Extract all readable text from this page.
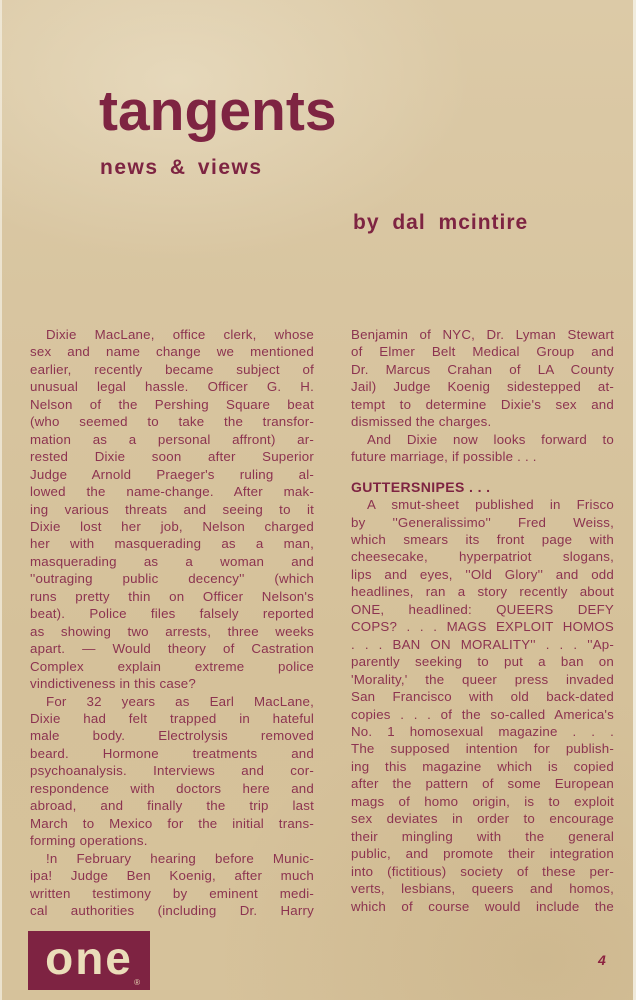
tangents
news & views
by dal mcintire
Dixie MacLane, office clerk, whose
sex and name change we mentioned
earlier, recently became subject of
unusual legal hassle. Officer G. H.
Nelson of the Pershing Square beat
(who seemed to take the transfor-
mation as a personal affront) ar-
rested Dixie soon after Superior
Judge Arnold Praeger's ruling al-
lowed the name-change. After mak-
ing various threats and seeing to it
Dixie lost her job, Nelson charged
her with masquerading as a man,
masquerading as a woman and
''outraging public decency'' (which
runs pretty thin on Officer Nelson's
beat). Police files falsely reported
as showing two arrests, three weeks
apart. — Would theory of Castration
Complex explain extreme police
vindictiveness in this case?
For 32 years as Earl MacLane,
Dixie had felt trapped in hateful
male body. Electrolysis removed
beard. Hormone treatments and
psychoanalysis. Interviews and cor-
respondence with doctors here and
abroad, and finally the trip last
March to Mexico for the initial trans-
forming operations.
!n February hearing before Munic-
ipa! Judge Ben Koenig, after much
written testimony by eminent medi-
cal authorities (including Dr. Harry
Benjamin of NYC, Dr. Lyman Stewart
of Elmer Belt Medical Group and
Dr. Marcus Crahan of LA County
Jail) Judge Koenig sidestepped at-
tempt to determine Dixie's sex and
dismissed the charges.
And Dixie now looks forward to
future marriage, if possible . . .
GUTTERSNIPES . . .
A smut-sheet published in Frisco
by ''Generalissimo'' Fred Weiss,
which smears its front page with
cheesecake, hyperpatriot slogans,
lips and eyes, ''Old Glory'' and odd
headlines, ran a story recently about
ONE, headlined: QUEERS DEFY
COPS? . . . MAGS EXPLOIT HOMOS
. . . BAN ON MORALITY'' . . . ''Ap-
parently seeking to put a ban on
'Morality,' the queer press invaded
San Francisco with old back-dated
copies . . . of the so-called America's
No. 1 homosexual magazine . . .
The supposed intention for publish-
ing this magazine which is copied
after the pattern of some European
mags of homo origin, is to exploit
sex deviates in order to encourage
their mingling with the general
public, and promote their integration
into (fictitious) society of these per-
verts, lesbians, queers and homos,
which of course would include the
one ®
4
